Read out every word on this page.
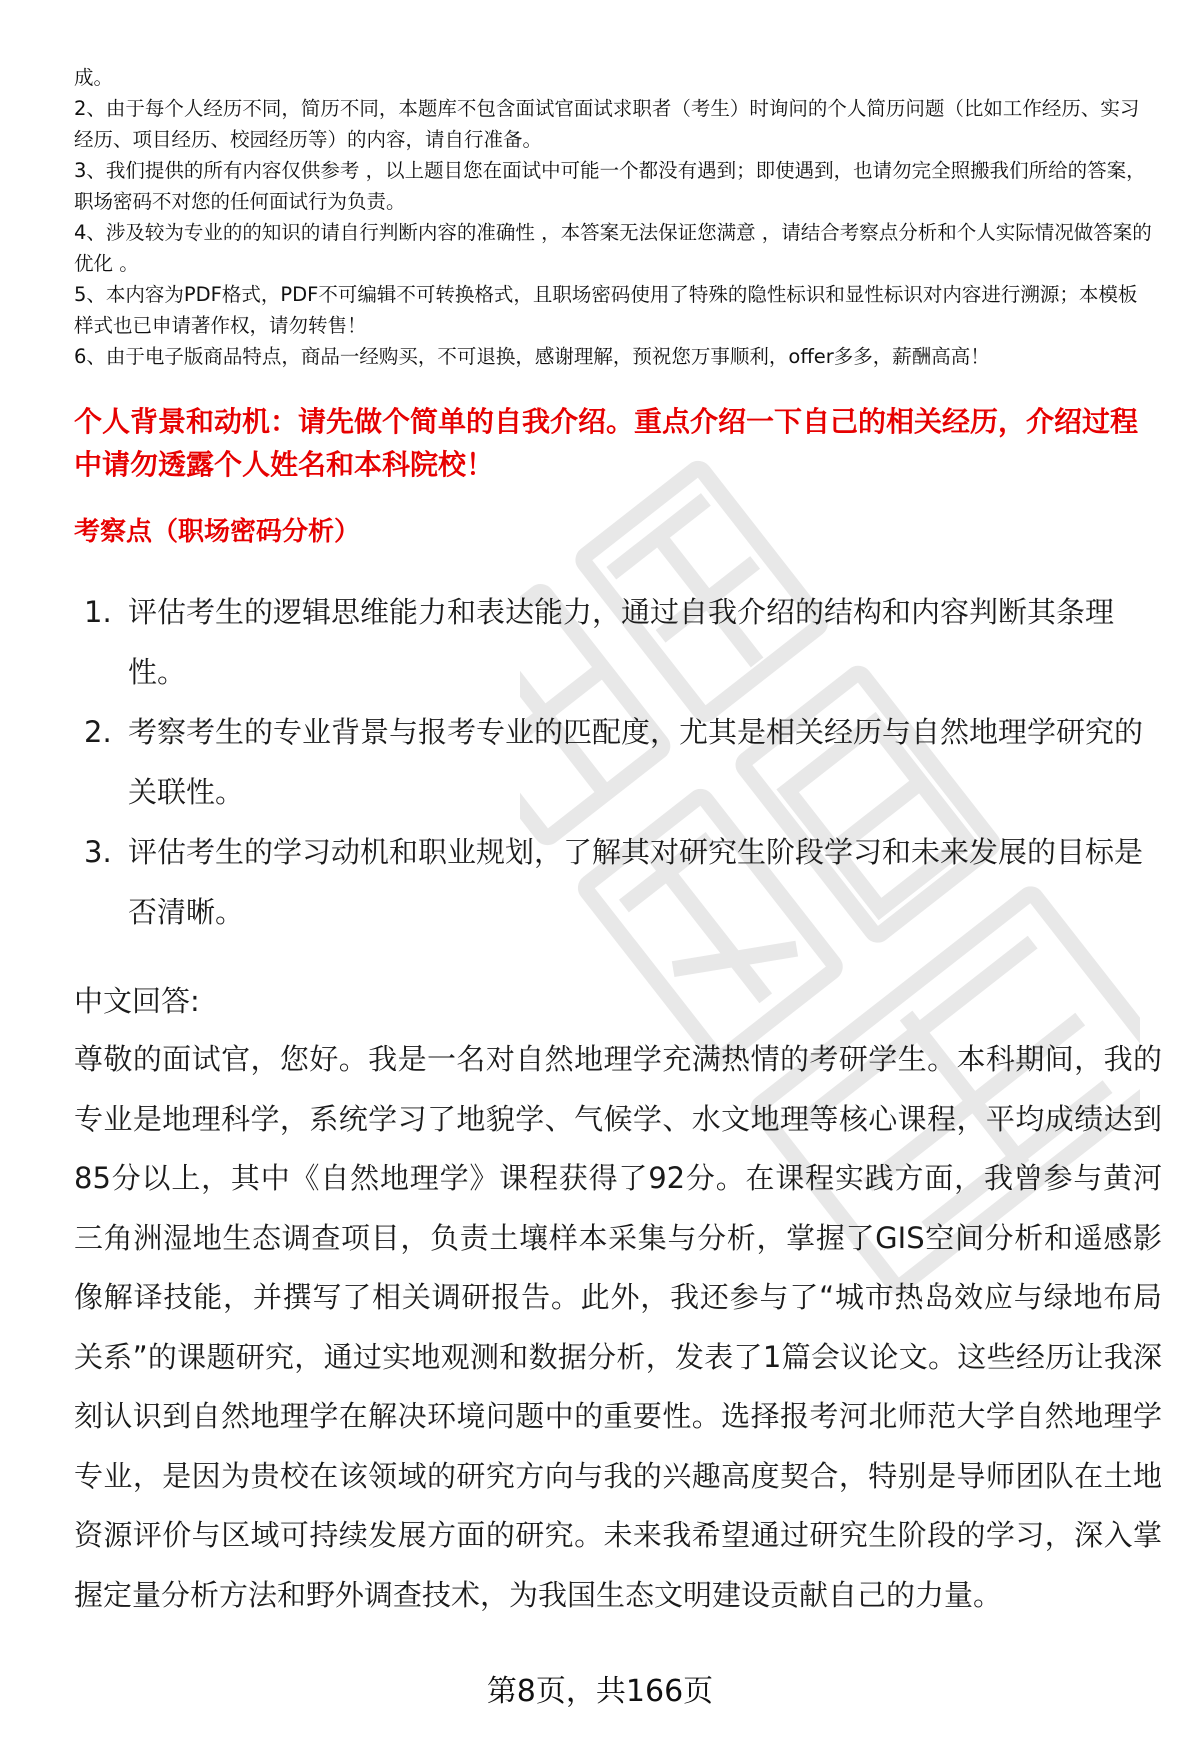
成。

2、由于每个人经历不同，简历不同，本题库不包含面试官面试求职者（考生）时询问的个人简历问题（比如工作经历、实习经历、项目经历、校园经历等）的内容，请自行准备。

3、我们提供的所有内容仅供参考 ，以上题目您在面试中可能一个都没有遇到；即使遇到，也请勿完全照搬我们所给的答案，职场密码不对您的任何面试行为负责。

4、涉及较为专业的的知识的请自行判断内容的准确性 ，本答案无法保证您满意 ，请结合考察点分析和个人实际情况做答案的优化 。

5、本内容为PDF格式，PDF不可编辑不可转换格式，且职场密码使用了特殊的隐性标识和显性标识对内容进行溯源；本模板样式也已申请著作权，请勿转售！

6、由于电子版商品特点，商品一经购买，不可退换，感谢理解，预祝您万事顺利，offer多多，薪酬高高！

个人背景和动机：请先做个简单的自我介绍。重点介绍一下自己的相关经历，介绍过程中请勿透露个人姓名和本科院校！
考察点（职场密码分析）
1. 评估考生的逻辑思维能力和表达能力，通过自我介绍的结构和内容判断其条理性。
2. 考察考生的专业背景与报考专业的匹配度，尤其是相关经历与自然地理学研究的关联性。
3. 评估考生的学习动机和职业规划，了解其对研究生阶段学习和未来发展的目标是否清晰。

中文回答:

尊敬的面试官，您好。我是一名对自然地理学充满热情的考研学生。本科期间，我的专业是地理科学，系统学习了地貌学、气候学、水文地理等核心课程，平均成绩达到85分以上，其中《自然地理学》课程获得了92分。在课程实践方面，我曾参与黄河三角洲湿地生态调查项目，负责土壤样本采集与分析，掌握了GIS空间分析和遥感影像解译技能，并撰写了相关调研报告。此外，我还参与了“城市热岛效应与绿地布局关系”的课题研究，通过实地观测和数据分析，发表了1篇会议论文。这些经历让我深刻认识到自然地理学在解决环境问题中的重要性。选择报考河北师范大学自然地理学专业，是因为贵校在该领域的研究方向与我的兴趣高度契合，特别是导师团队在土地资源评价与区域可持续发展方面的研究。未来我希望通过研究生阶段的学习，深入掌握定量分析方法和野外调查技术，为我国生态文明建设贡献自己的力量。

第8页，共166页
